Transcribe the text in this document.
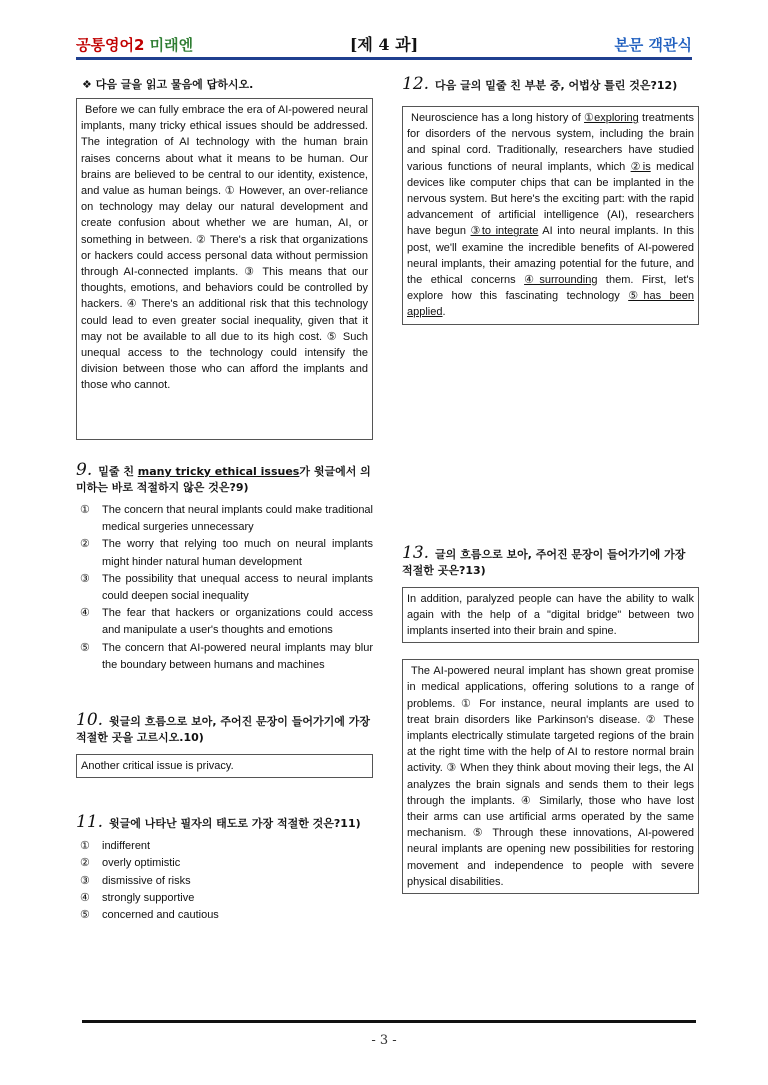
공통영어2 미래엔	[제 4 과]	본문 객관식
❖ 다음 글을 읽고 물음에 답하시오.
Before we can fully embrace the era of AI-powered neural implants, many tricky ethical issues should be addressed. The integration of AI technology with the human brain raises concerns about what it means to be human. Our brains are believed to be central to our identity, existence, and value as human beings. ① However, an over-reliance on technology may delay our natural development and create confusion about whether we are human, AI, or something in between. ② There's a risk that organizations or hackers could access personal data without permission through AI-connected implants. ③ This means that our thoughts, emotions, and behaviors could be controlled by hackers. ④ There's an additional risk that this technology could lead to even greater social inequality, given that it may not be available to all due to its high cost. ⑤ Such unequal access to the technology could intensify the division between those who can afford the implants and those who cannot.
9. 밑줄 친 many tricky ethical issues가 윗글에서 의미하는 바로 적절하지 않은 것은?9)
①	The concern that neural implants could make traditional medical surgeries unnecessary
②	The worry that relying too much on neural implants might hinder natural human development
③	The possibility that unequal access to neural implants could deepen social inequality
④	The fear that hackers or organizations could access and manipulate a user's thoughts and emotions
⑤	The concern that AI-powered neural implants may blur the boundary between humans and machines
10. 윗글의 흐름으로 보아, 주어진 문장이 들어가기에 가장 적절한 곳을 고르시오.10)
Another critical issue is privacy.
11. 윗글에 나타난 필자의 태도로 가장 적절한 것은?11)
①	indifferent
②	overly optimistic
③	dismissive of risks
④	strongly supportive
⑤	concerned and cautious
12. 다음 글의 밑줄 친 부분 중, 어법상 틀린 것은?12)
Neuroscience has a long history of ①exploring treatments for disorders of the nervous system, including the brain and spinal cord. Traditionally, researchers have studied various functions of neural implants, which ②is medical devices like computer chips that can be implanted in the nervous system. But here's the exciting part: with the rapid advancement of artificial intelligence (AI), researchers have begun ③to integrate AI into neural implants. In this post, we'll examine the incredible benefits of AI-powered neural implants, their amazing potential for the future, and the ethical concerns ④surrounding them. First, let's explore how this fascinating technology ⑤has been applied.
13. 글의 흐름으로 보아, 주어진 문장이 들어가기에 가장 적절한 곳은?13)
In addition, paralyzed people can have the ability to walk again with the help of a "digital bridge" between two implants inserted into their brain and spine.
The AI-powered neural implant has shown great promise in medical applications, offering solutions to a range of problems. ① For instance, neural implants are used to treat brain disorders like Parkinson's disease. ② These implants electrically stimulate targeted regions of the brain at the right time with the help of AI to restore normal brain activity. ③ When they think about moving their legs, the AI analyzes the brain signals and sends them to their legs through the implants. ④ Similarly, those who have lost their arms can use artificial arms operated by the same mechanism. ⑤ Through these innovations, AI-powered neural implants are opening new possibilities for restoring movement and independence to people with severe physical disabilities.
- 3 -
